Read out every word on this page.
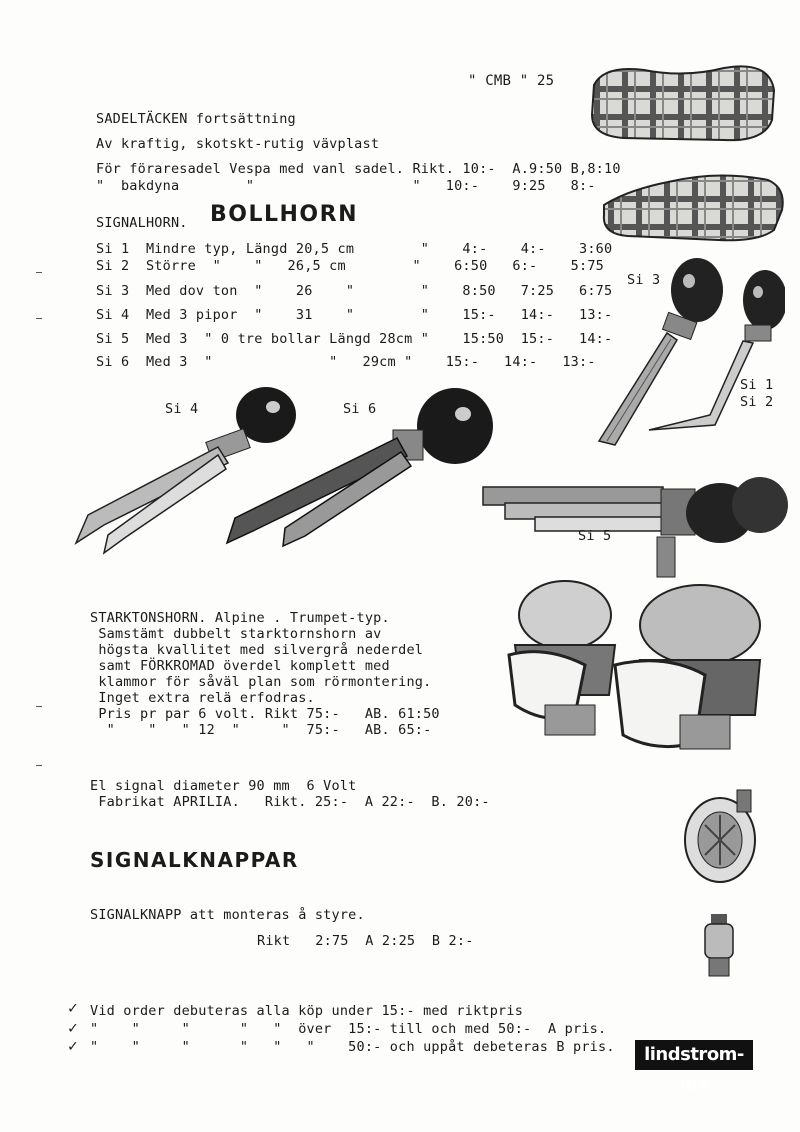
" CMB " 25
SADELTÄCKEN fortsättning
Av kraftig, skotskt-rutig vävplast
För föraresadel Vespa med vanl sadel. Rikt. 10:-  A.9:50 B,8:10
"  bakdyna        "                   "   10:-    9:25   8:-
SIGNALHORN. BOLLHORN
Si 1  Mindre typ, Längd 20,5 cm        "    4:-    4:-    3:60
Si 2  Större  "    "   26,5 cm        "    6:50   6:-    5:75
Si 3  Med dov ton  "    26    "        "    8:50   7:25   6:75
Si 4  Med 3 pipor  "    31    "        "    15:-   14:-   13:-
Si 5  Med 3  " 0 tre bollar Längd 28cm "    15:50  15:-   14:-
Si 6  Med 3  "              "   29cm "    15:-   14:-   13:-
Si 3
Si 1
Si 2
Si 4	Si 6
Si 5
STARKTONSHORN. Alpine . Trumpet-typ.
Samstämt dubbelt starktornshorn av
högsta kvallitet med silvergrå nederdel
samt FÖRKROMAD överdel komplett med
klammor för såväl plan som rörmontering.
Inget extra relä erfodras.
Pris pr par 6 volt. Rikt 75:-   AB. 61:50
"    "   " 12  "     "  75:-   AB. 65:-
El signal diameter 90 mm  6 Volt
Fabrikat APRILIA.   Rikt. 25:-  A 22:-  B. 20:-
SIGNALKNAPPAR
SIGNALKNAPP att monteras å styre.
Rikt   2:75  A 2:25  B 2:-
✓
✓
✓
Vid order debuteras alla köp under 15:- med riktpris
"    "     "      "   "  över  15:- till och med 50:-  A pris.
"    "     "      "   "   "    50:- och uppåt debeteras B pris.	lindstrom-mx
